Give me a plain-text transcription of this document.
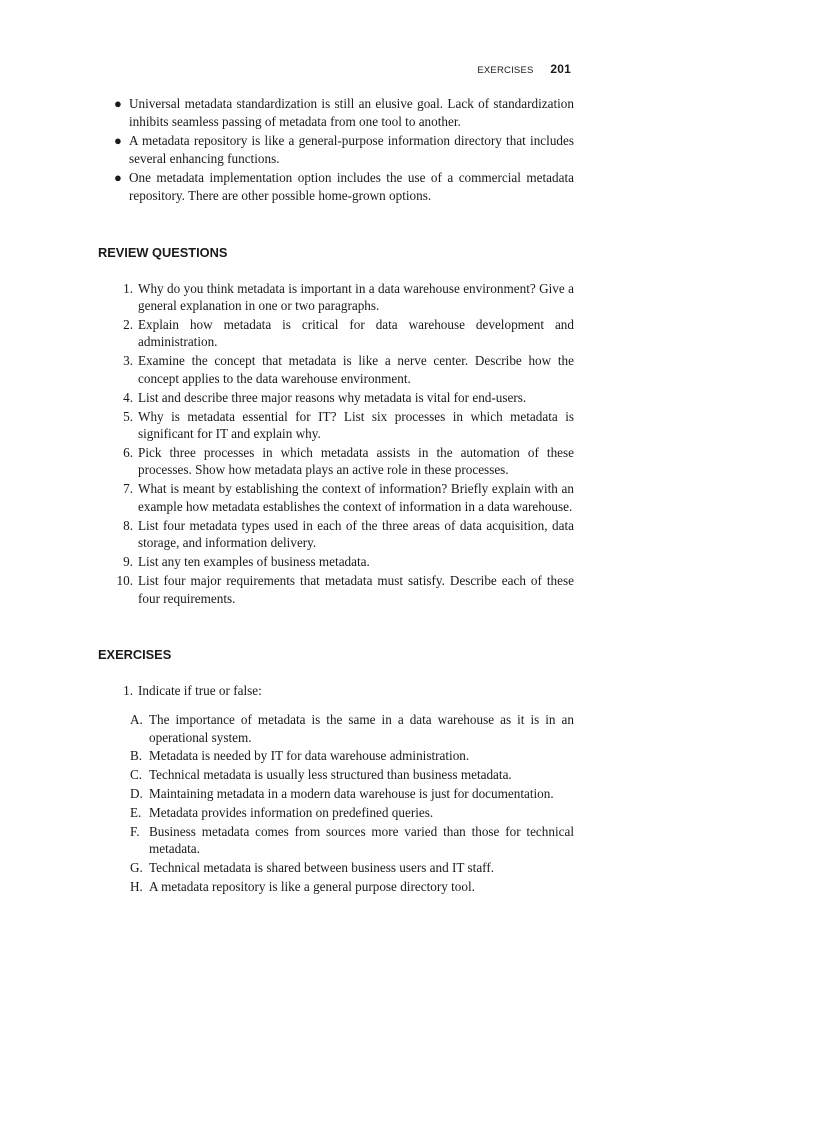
EXERCISES 201
● Universal metadata standardization is still an elusive goal. Lack of standardization inhibits seamless passing of metadata from one tool to another.
● A metadata repository is like a general-purpose information directory that includes several enhancing functions.
● One metadata implementation option includes the use of a commercial metadata repository. There are other possible home-grown options.
REVIEW QUESTIONS
1. Why do you think metadata is important in a data warehouse environment? Give a general explanation in one or two paragraphs.
2. Explain how metadata is critical for data warehouse development and administration.
3. Examine the concept that metadata is like a nerve center. Describe how the concept applies to the data warehouse environment.
4. List and describe three major reasons why metadata is vital for end-users.
5. Why is metadata essential for IT? List six processes in which metadata is significant for IT and explain why.
6. Pick three processes in which metadata assists in the automation of these processes. Show how metadata plays an active role in these processes.
7. What is meant by establishing the context of information? Briefly explain with an example how metadata establishes the context of information in a data warehouse.
8. List four metadata types used in each of the three areas of data acquisition, data storage, and information delivery.
9. List any ten examples of business metadata.
10. List four major requirements that metadata must satisfy. Describe each of these four requirements.
EXERCISES
1. Indicate if true or false:
A. The importance of metadata is the same in a data warehouse as it is in an operational system.
B. Metadata is needed by IT for data warehouse administration.
C. Technical metadata is usually less structured than business metadata.
D. Maintaining metadata in a modern data warehouse is just for documentation.
E. Metadata provides information on predefined queries.
F. Business metadata comes from sources more varied than those for technical metadata.
G. Technical metadata is shared between business users and IT staff.
H. A metadata repository is like a general purpose directory tool.
